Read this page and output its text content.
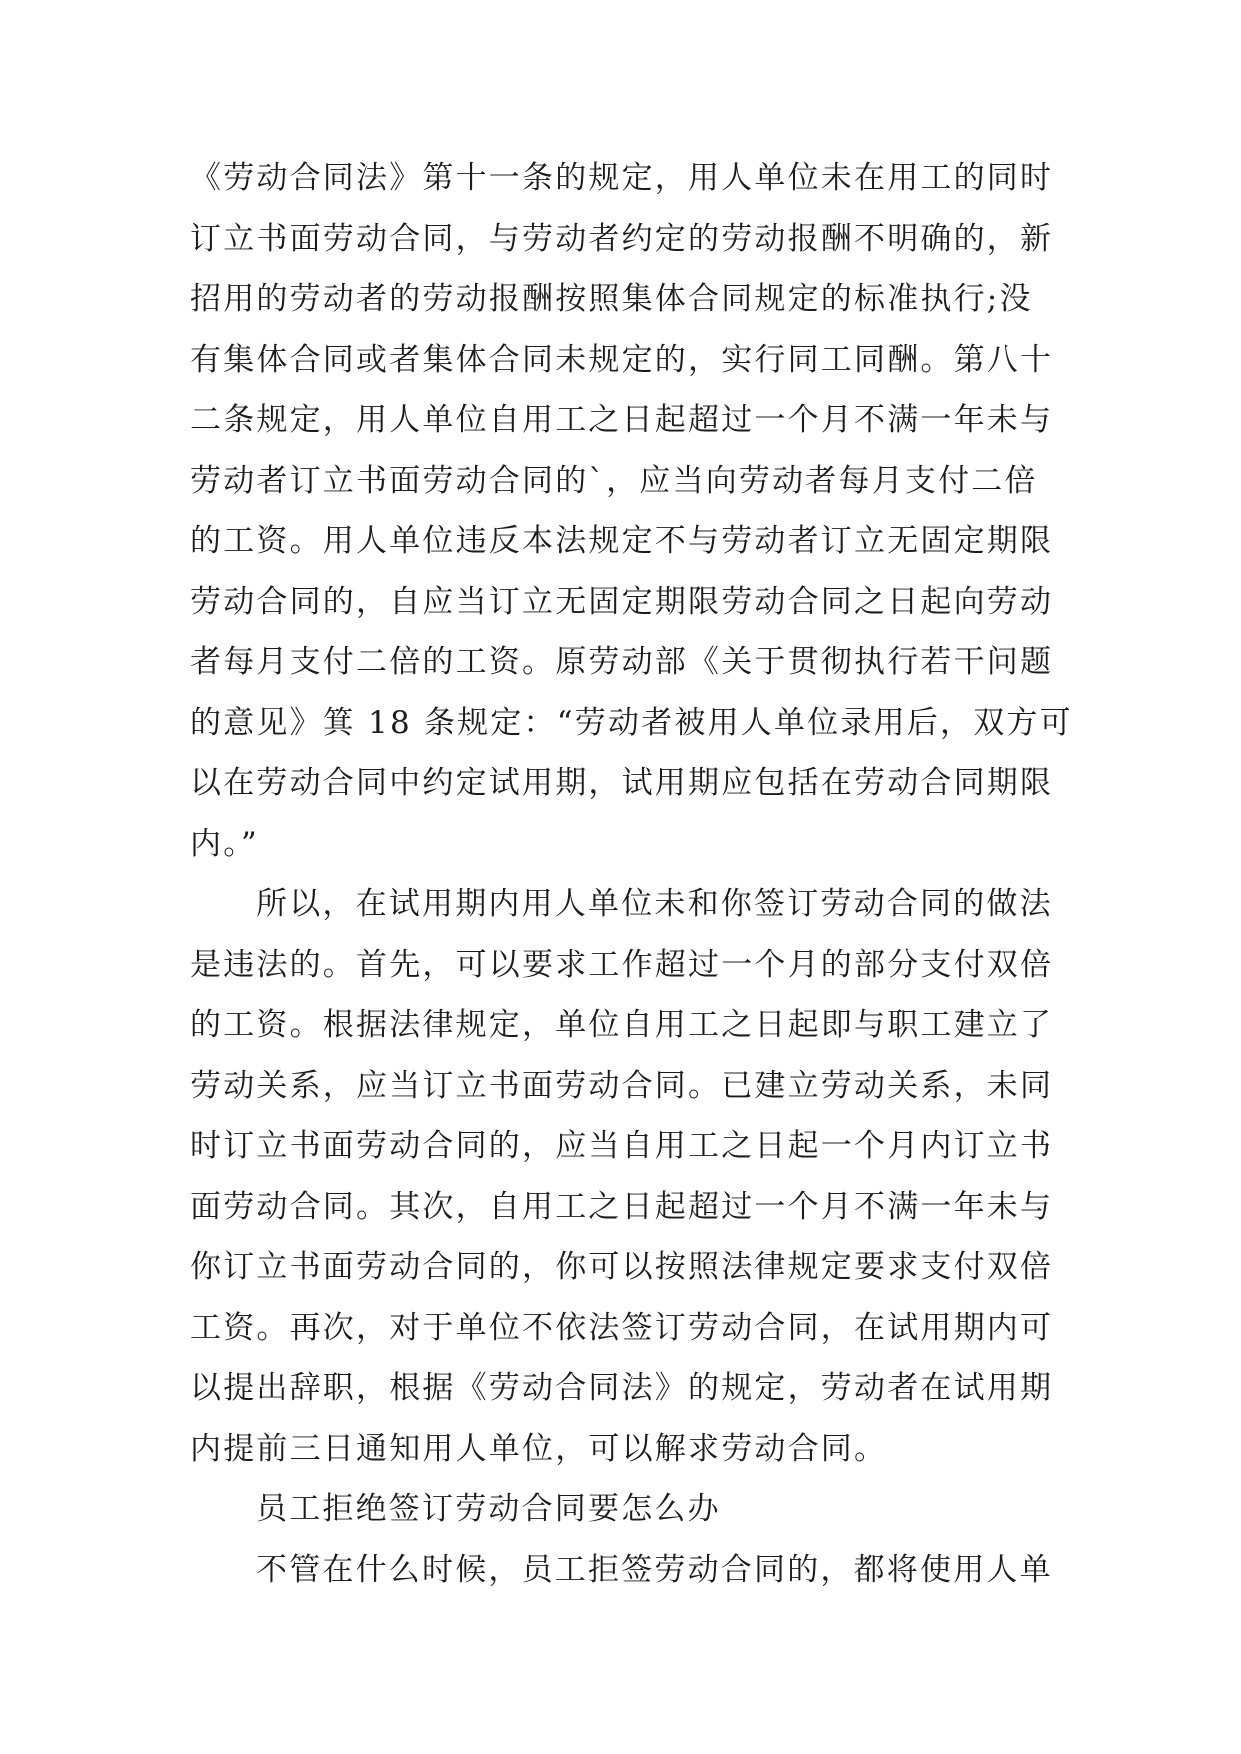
《劳动合同法》第十一条的规定，用人单位未在用工的同时
订立书面劳动合同，与劳动者约定的劳动报酬不明确的，新
招用的劳动者的劳动报酬按照集体合同规定的标准执行;没
有集体合同或者集体合同未规定的，实行同工同酬。第八十
二条规定，用人单位自用工之日起超过一个月不满一年未与
劳动者订立书面劳动合同的`，应当向劳动者每月支付二倍
的工资。用人单位违反本法规定不与劳动者订立无固定期限
劳动合同的，自应当订立无固定期限劳动合同之日起向劳动
者每月支付二倍的工资。原劳动部《关于贯彻执行若干问题
的意见》箕 18 条规定：“劳动者被用人单位录用后，双方可
以在劳动合同中约定试用期，试用期应包括在劳动合同期限
内。”
所以，在试用期内用人单位未和你签订劳动合同的做法
是违法的。首先，可以要求工作超过一个月的部分支付双倍
的工资。根据法律规定，单位自用工之日起即与职工建立了
劳动关系，应当订立书面劳动合同。已建立劳动关系，未同
时订立书面劳动合同的，应当自用工之日起一个月内订立书
面劳动合同。其次，自用工之日起超过一个月不满一年未与
你订立书面劳动合同的，你可以按照法律规定要求支付双倍
工资。再次，对于单位不依法签订劳动合同，在试用期内可
以提出辞职，根据《劳动合同法》的规定，劳动者在试用期
内提前三日通知用人单位，可以解求劳动合同。
员工拒绝签订劳动合同要怎么办
不管在什么时候，员工拒签劳动合同的，都将使用人单
